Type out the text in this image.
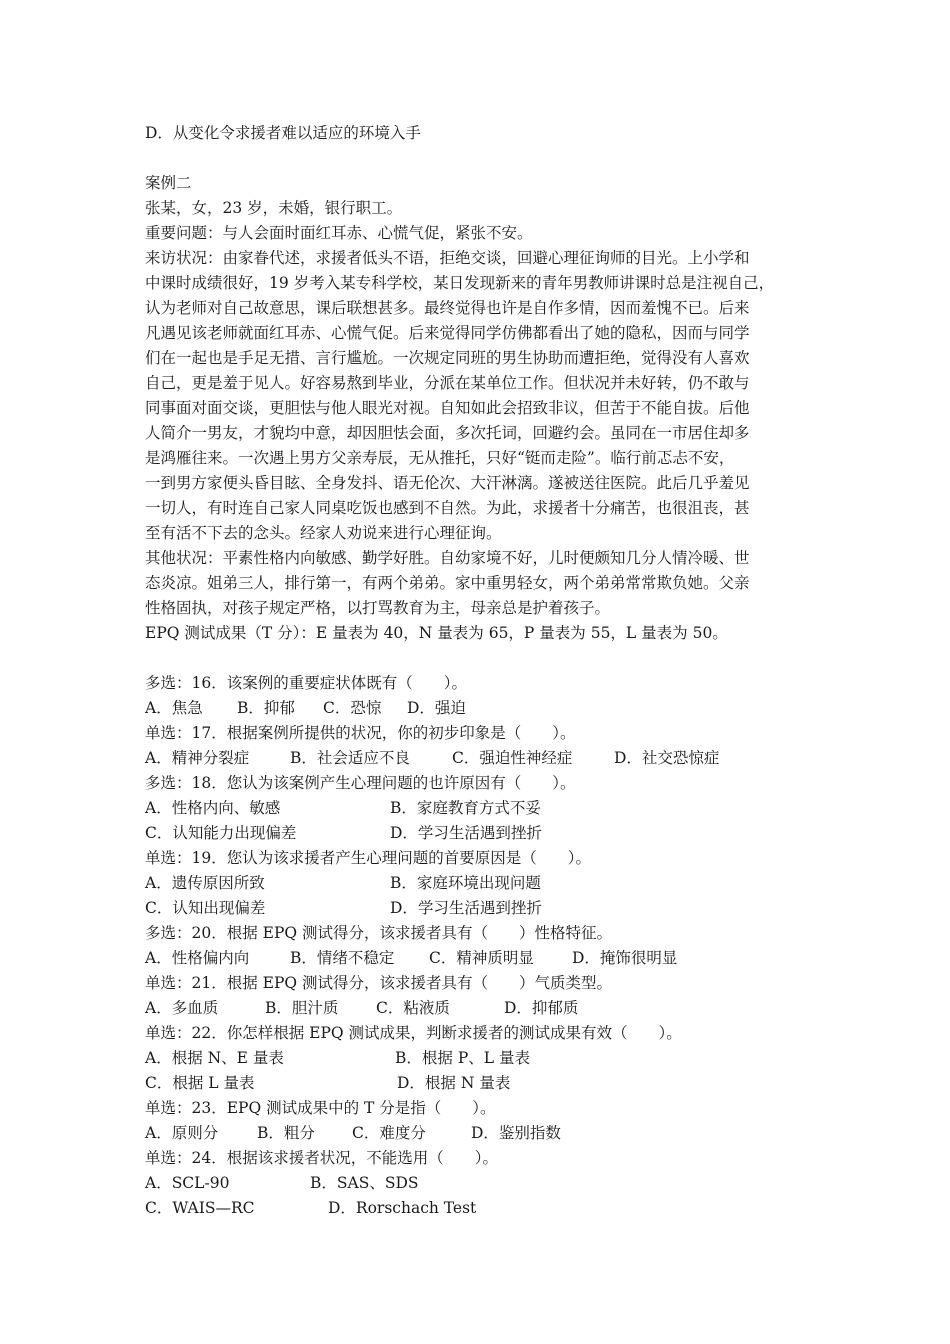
D．从变化令求援者难以适应的环境入手
案例二
张某，女，23 岁，未婚，银行职工。
重要问题：与人会面时面红耳赤、心慌气促，紧张不安。
来访状况：由家眷代述，求援者低头不语，拒绝交谈，回避心理征询师的目光。上小学和
中课时成绩很好，19 岁考入某专科学校，某日发现新来的青年男教师讲课时总是注视自己，
认为老师对自己故意思，课后联想甚多。最终觉得也许是自作多情，因而羞愧不已。后来
凡遇见该老师就面红耳赤、心慌气促。后来觉得同学仿佛都看出了她的隐私，因而与同学
们在一起也是手足无措、言行尴尬。一次规定同班的男生协助而遭拒绝，觉得没有人喜欢
自己，更是羞于见人。好容易熬到毕业，分派在某单位工作。但状况并未好转，仍不敢与
同事面对面交谈，更胆怯与他人眼光对视。自知如此会招致非议，但苦于不能自拔。后他
人简介一男友，才貌均中意，却因胆怯会面，多次托词，回避约会。虽同在一市居住却多
是鸿雁往来。一次遇上男方父亲寿辰，无从推托，只好“铤而走险”。临行前忑忐不安，
一到男方家便头昏目眩、全身发抖、语无伦次、大汗淋漓。遂被送往医院。此后几乎羞见
一切人，有时连自己家人同桌吃饭也感到不自然。为此，求援者十分痛苦，也很沮丧，甚
至有活不下去的念头。经家人劝说来进行心理征询。
其他状况：平素性格内向敏感、勤学好胜。自幼家境不好，儿时便颇知几分人情冷暖、世
态炎凉。姐弟三人，排行第一，有两个弟弟。家中重男轻女，两个弟弟常常欺负她。父亲
性格固执，对孩子规定严格，以打骂教育为主，母亲总是护着孩子。
EPQ 测试成果（T 分）：E 量表为 40，N 量表为 65，P 量表为 55，L 量表为 50。
多选：16．该案例的重要症状体既有（　　）。
A．焦急	B．抑郁	C．恐惊	D．强迫
单选：17．根据案例所提供的状况，你的初步印象是（　　）。
A．精神分裂症	B．社会适应不良	C．强迫性神经症	D．社交恐惊症
多选：18．您认为该案例产生心理问题的也许原因有（　　）。
A．性格内向、敏感	B．家庭教育方式不妥
C．认知能力出现偏差	D．学习生活遇到挫折
单选：19．您认为该求援者产生心理问题的首要原因是（　　）。
A．遗传原因所致	B．家庭环境出现问题
C．认知出现偏差	D．学习生活遇到挫折
多选：20．根据 EPQ 测试得分，该求援者具有（　　）性格特征。
A．性格偏内向	B．情绪不稳定	C．精神质明显	D．掩饰很明显
单选：21．根据 EPQ 测试得分，该求援者具有（　　）气质类型。
A．多血质	B．胆汁质	C．粘液质	D．抑郁质
单选：22．你怎样根据 EPQ 测试成果，判断求援者的测试成果有效（　　）。
A．根据 N、E 量表	B．根据 P、L 量表
C．根据 L 量表	D．根据 N 量表
单选：23．EPQ 测试成果中的 T 分是指（　　）。
A．原则分	B．粗分	C．难度分	D．鉴别指数
单选：24．根据该求援者状况，不能选用（　　）。
A．SCL-90	B．SAS、SDS
C．WAIS—RC	D．Rorschach Test
